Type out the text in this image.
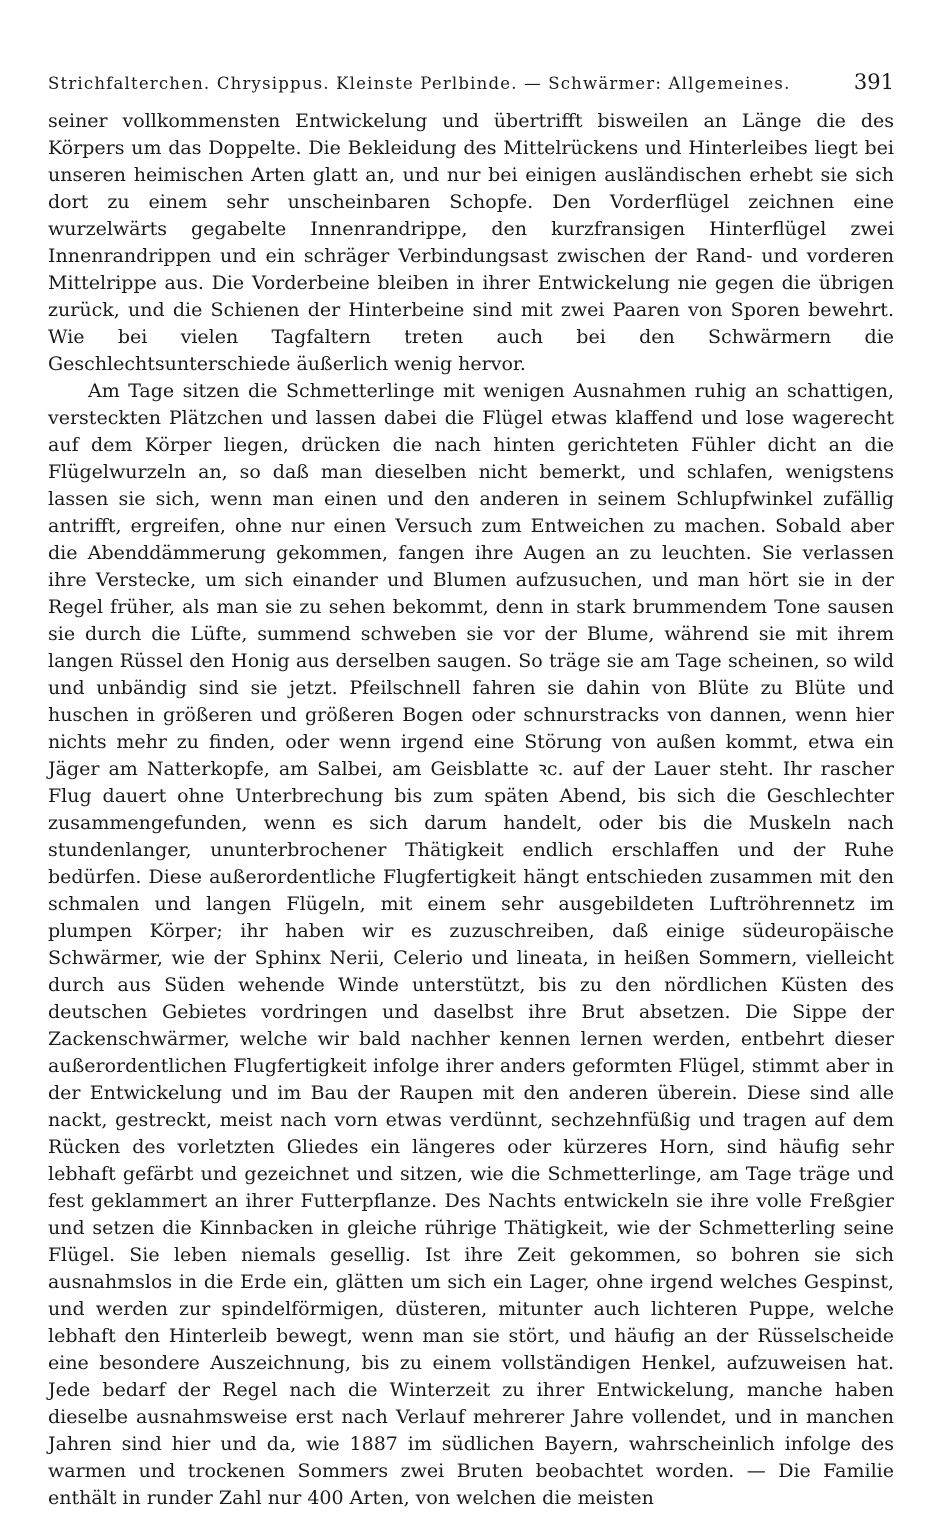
Strichfalterchen. Chrysippus. Kleinste Perlbinde. — Schwärmer: Allgemeines.	391

seiner vollkommensten Entwickelung und übertrifft bisweilen an Länge die des Körpers um das Doppelte. Die Bekleidung des Mittelrückens und Hinterleibes liegt bei unseren heimischen Arten glatt an, und nur bei einigen ausländischen erhebt sie sich dort zu einem sehr unscheinbaren Schopfe. Den Vorderflügel zeichnen eine wurzelwärts gegabelte Innenrandrippe, den kurzfransigen Hinterflügel zwei Innenrandrippen und ein schräger Verbindungsast zwischen der Rand- und vorderen Mittelrippe aus. Die Vorderbeine bleiben in ihrer Entwickelung nie gegen die übrigen zurück, und die Schienen der Hinterbeine sind mit zwei Paaren von Sporen bewehrt. Wie bei vielen Tagfaltern treten auch bei den Schwärmern die Geschlechtsunterschiede äußerlich wenig hervor.

Am Tage sitzen die Schmetterlinge mit wenigen Ausnahmen ruhig an schattigen, versteckten Plätzchen und lassen dabei die Flügel etwas klaffend und lose wagerecht auf dem Körper liegen, drücken die nach hinten gerichteten Fühler dicht an die Flügelwurzeln an, so daß man dieselben nicht bemerkt, und schlafen, wenigstens lassen sie sich, wenn man einen und den anderen in seinem Schlupfwinkel zufällig antrifft, ergreifen, ohne nur einen Versuch zum Entweichen zu machen. Sobald aber die Abenddämmerung gekommen, fangen ihre Augen an zu leuchten. Sie verlassen ihre Verstecke, um sich einander und Blumen aufzusuchen, und man hört sie in der Regel früher, als man sie zu sehen bekommt, denn in stark brummendem Tone sausen sie durch die Lüfte, summend schweben sie vor der Blume, während sie mit ihrem langen Rüssel den Honig aus derselben saugen. So träge sie am Tage scheinen, so wild und unbändig sind sie jetzt. Pfeilschnell fahren sie dahin von Blüte zu Blüte und huschen in größeren und größeren Bogen oder schnurstracks von dannen, wenn hier nichts mehr zu finden, oder wenn irgend eine Störung von außen kommt, etwa ein Jäger am Natterkopfe, am Salbei, am Geisblatte ꝛc. auf der Lauer steht. Ihr rascher Flug dauert ohne Unterbrechung bis zum späten Abend, bis sich die Geschlechter zusammengefunden, wenn es sich darum handelt, oder bis die Muskeln nach stundenlanger, ununterbrochener Thätigkeit endlich erschlaffen und der Ruhe bedürfen. Diese außerordentliche Flugfertigkeit hängt entschieden zusammen mit den schmalen und langen Flügeln, mit einem sehr ausgebildeten Luftröhrennetz im plumpen Körper; ihr haben wir es zuzuschreiben, daß einige südeuropäische Schwärmer, wie der Sphinx Nerii, Celerio und lineata, in heißen Sommern, vielleicht durch aus Süden wehende Winde unterstützt, bis zu den nördlichen Küsten des deutschen Gebietes vordringen und daselbst ihre Brut absetzen. Die Sippe der Zackenschwärmer, welche wir bald nachher kennen lernen werden, entbehrt dieser außerordentlichen Flugfertigkeit infolge ihrer anders geformten Flügel, stimmt aber in der Entwickelung und im Bau der Raupen mit den anderen überein. Diese sind alle nackt, gestreckt, meist nach vorn etwas verdünnt, sechzehnfüßig und tragen auf dem Rücken des vorletzten Gliedes ein längeres oder kürzeres Horn, sind häufig sehr lebhaft gefärbt und gezeichnet und sitzen, wie die Schmetterlinge, am Tage träge und fest geklammert an ihrer Futterpflanze. Des Nachts entwickeln sie ihre volle Freßgier und setzen die Kinnbacken in gleiche rührige Thätigkeit, wie der Schmetterling seine Flügel. Sie leben niemals gesellig. Ist ihre Zeit gekommen, so bohren sie sich ausnahmslos in die Erde ein, glätten um sich ein Lager, ohne irgend welches Gespinst, und werden zur spindelförmigen, düsteren, mitunter auch lichteren Puppe, welche lebhaft den Hinterleib bewegt, wenn man sie stört, und häufig an der Rüsselscheide eine besondere Auszeichnung, bis zu einem vollständigen Henkel, aufzuweisen hat. Jede bedarf der Regel nach die Winterzeit zu ihrer Entwickelung, manche haben dieselbe ausnahmsweise erst nach Verlauf mehrerer Jahre vollendet, und in manchen Jahren sind hier und da, wie 1887 im südlichen Bayern, wahrscheinlich infolge des warmen und trockenen Sommers zwei Bruten beobachtet worden. — Die Familie enthält in runder Zahl nur 400 Arten, von welchen die meisten
